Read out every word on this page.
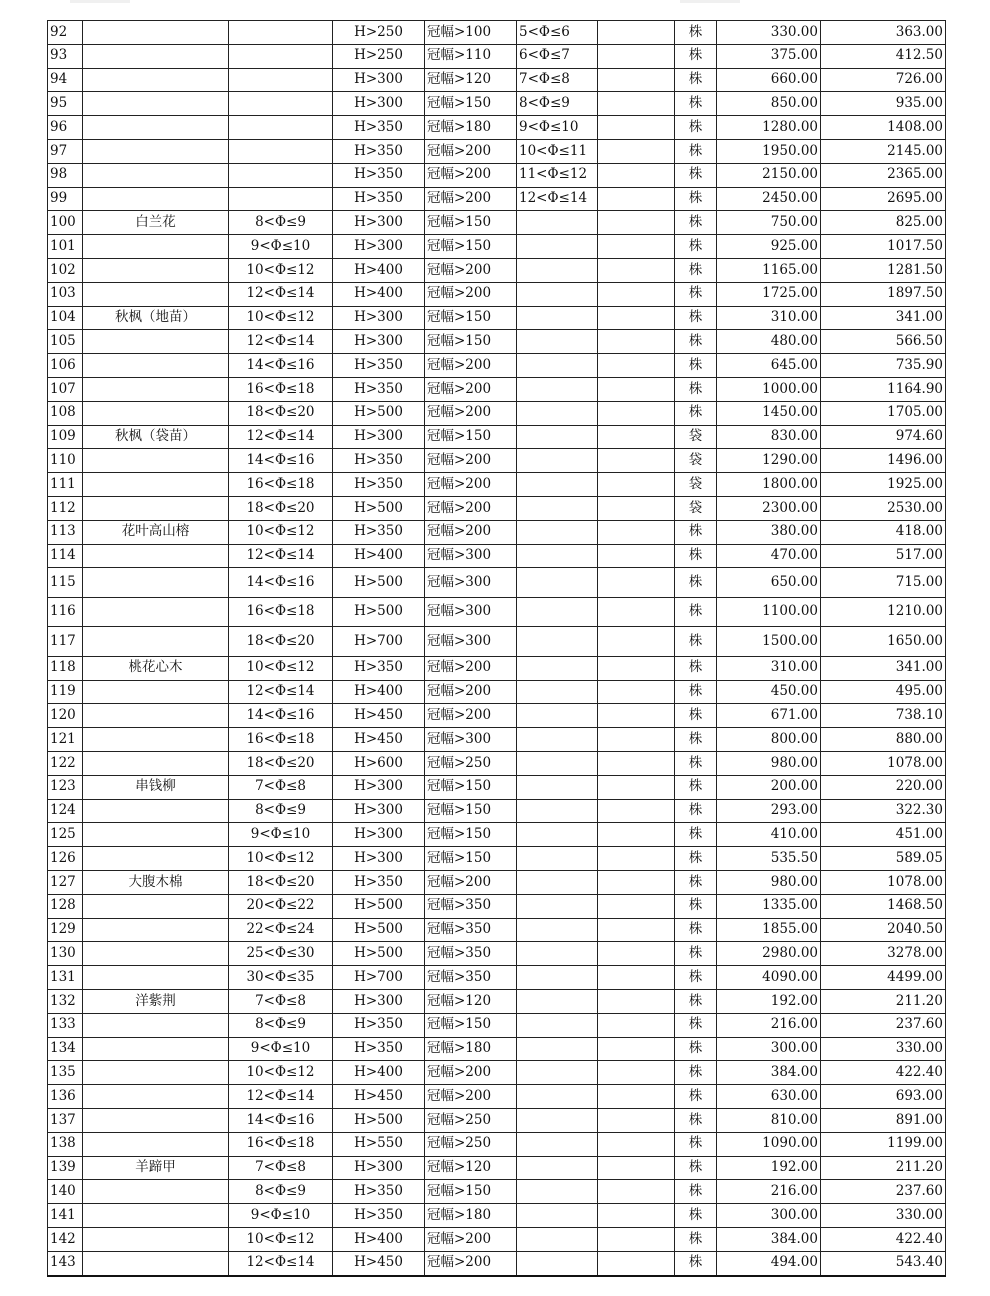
92			H>250	冠幅>100	5<Φ≤6		株	330.00	363.00
93			H>250	冠幅>110	6<Φ≤7		株	375.00	412.50
94			H>300	冠幅>120	7<Φ≤8		株	660.00	726.00
95			H>300	冠幅>150	8<Φ≤9		株	850.00	935.00
96			H>350	冠幅>180	9<Φ≤10		株	1280.00	1408.00
97			H>350	冠幅>200	10<Φ≤11		株	1950.00	2145.00
98			H>350	冠幅>200	11<Φ≤12		株	2150.00	2365.00
99			H>350	冠幅>200	12<Φ≤14		株	2450.00	2695.00
100	白兰花	8<Φ≤9	H>300	冠幅>150			株	750.00	825.00
101		9<Φ≤10	H>300	冠幅>150			株	925.00	1017.50
102		10<Φ≤12	H>400	冠幅>200			株	1165.00	1281.50
103		12<Φ≤14	H>400	冠幅>200			株	1725.00	1897.50
104	秋枫（地苗）	10<Φ≤12	H>300	冠幅>150			株	310.00	341.00
105		12<Φ≤14	H>300	冠幅>150			株	480.00	566.50
106		14<Φ≤16	H>350	冠幅>200			株	645.00	735.90
107		16<Φ≤18	H>350	冠幅>200			株	1000.00	1164.90
108		18<Φ≤20	H>500	冠幅>200			株	1450.00	1705.00
109	秋枫（袋苗）	12<Φ≤14	H>300	冠幅>150			袋	830.00	974.60
110		14<Φ≤16	H>350	冠幅>200			袋	1290.00	1496.00
111		16<Φ≤18	H>350	冠幅>200			袋	1800.00	1925.00
112		18<Φ≤20	H>500	冠幅>200			袋	2300.00	2530.00
113	花叶高山榕	10<Φ≤12	H>350	冠幅>200			株	380.00	418.00
114		12<Φ≤14	H>400	冠幅>300			株	470.00	517.00
115		14<Φ≤16	H>500	冠幅>300			株	650.00	715.00
116		16<Φ≤18	H>500	冠幅>300			株	1100.00	1210.00
117		18<Φ≤20	H>700	冠幅>300			株	1500.00	1650.00
118	桃花心木	10<Φ≤12	H>350	冠幅>200			株	310.00	341.00
119		12<Φ≤14	H>400	冠幅>200			株	450.00	495.00
120		14<Φ≤16	H>450	冠幅>200			株	671.00	738.10
121		16<Φ≤18	H>450	冠幅>300			株	800.00	880.00
122		18<Φ≤20	H>600	冠幅>250			株	980.00	1078.00
123	串钱柳	7<Φ≤8	H>300	冠幅>150			株	200.00	220.00
124		8<Φ≤9	H>300	冠幅>150			株	293.00	322.30
125		9<Φ≤10	H>300	冠幅>150			株	410.00	451.00
126		10<Φ≤12	H>300	冠幅>150			株	535.50	589.05
127	大腹木棉	18<Φ≤20	H>350	冠幅>200			株	980.00	1078.00
128		20<Φ≤22	H>500	冠幅>350			株	1335.00	1468.50
129		22<Φ≤24	H>500	冠幅>350			株	1855.00	2040.50
130		25<Φ≤30	H>500	冠幅>350			株	2980.00	3278.00
131		30<Φ≤35	H>700	冠幅>350			株	4090.00	4499.00
132	洋紫荆	7<Φ≤8	H>300	冠幅>120			株	192.00	211.20
133		8<Φ≤9	H>350	冠幅>150			株	216.00	237.60
134		9<Φ≤10	H>350	冠幅>180			株	300.00	330.00
135		10<Φ≤12	H>400	冠幅>200			株	384.00	422.40
136		12<Φ≤14	H>450	冠幅>200			株	630.00	693.00
137		14<Φ≤16	H>500	冠幅>250			株	810.00	891.00
138		16<Φ≤18	H>550	冠幅>250			株	1090.00	1199.00
139	羊蹄甲	7<Φ≤8	H>300	冠幅>120			株	192.00	211.20
140		8<Φ≤9	H>350	冠幅>150			株	216.00	237.60
141		9<Φ≤10	H>350	冠幅>180			株	300.00	330.00
142		10<Φ≤12	H>400	冠幅>200			株	384.00	422.40
143		12<Φ≤14	H>450	冠幅>200			株	494.00	543.40
